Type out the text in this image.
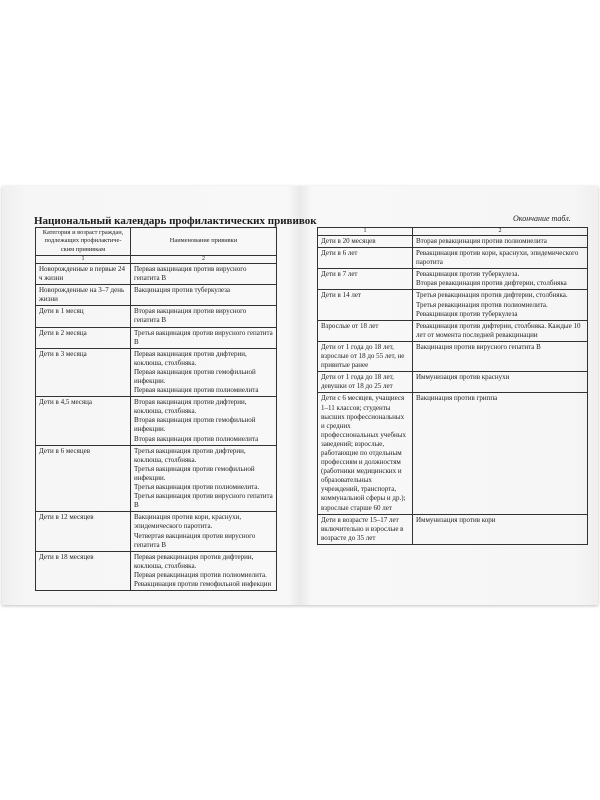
Национальный календарь профилактических прививок
Категория и возраст граждан, подлежащих профилактиче-ским прививкам	Наименование прививки
1	2
Новорожденные в первые 24 ч жизни	Первая вакцинация против вирусного гепатита В

Новорожденные на 3–7 день жизни	Вакцинация против туберкулеза

Дети в 1 месяц	Вторая вакцинация против вирусного гепатита В

Дети в 2 месяца	Третья вакцинация против вирусного гепатита В

Дети в 3 месяца	Первая вакцинация против дифтерии, коклюша, столбняка.
Первая вакцинация против гемофильной инфекции.
Первая вакцинация против полиомиелита

Дети в 4,5 месяца	Вторая вакцинация против дифтерии, коклюша, столбняка.
Вторая вакцинация против гемофильной инфекции.
Вторая вакцинация против полиомиелита

Дети в 6 месяцев	Третья вакцинация против дифтерии, коклюша, столбняка.
Третья вакцинация против гемофильной инфекции.
Третья вакцинация против полиомиелита.
Третья вакцинация против вирусного гепатита В

Дети в 12 месяцев	Вакцинация против кори, краснухи, эпидемического паротита.
Четвертая вакцинация против вирусного гепатита В

Дети в 18 месяцев	Первая ревакцинация против дифтерии, коклюша, столбняка.
Первая ревакцинация против полиомиелита.
Ревакцинация против гемофильной инфекции
Окончание табл.
1	2
Дети в 20 месяцев	Вторая ревакцинация против полиомиелита

Дети в 6 лет	Ревакцинация против кори, краснухи, эпидемического паротита

Дети в 7 лет	Ревакцинация против туберкулеза.
Вторая ревакцинация против дифтерии, столбняка

Дети в 14 лет	Третья ревакцинация против дифтерии, столбняка.
Третья ревакцинация против полиомиелита.
Ревакцинация против туберкулеза

Взрослые от 18 лет	Ревакцинация против дифтерии, столбняка. Каждые 10 лет от момента последней ревакцинации

Дети от 1 года до 18 лет, взрослые от 18 до 55 лет, не привитые ранее	Вакцинация против вирусного гепатита В

Дети от 1 года до 18 лет, девушки от 18 до 25 лет	Иммунизация против краснухи

Дети с 6 месяцев, учащиеся 1–11 классов; студенты высших профессиональных и средних профессиональных учебных заведений; взрослые, работающие по отдельным профессиям и должностям (работники медицинских и образовательных учреждений, транспорта, коммунальной сферы и др.); взрослые старше 60 лет	Вакцинация против гриппа

Дети в возрасте 15–17 лет включительно и взрослые в возрасте до 35 лет	Иммунизация против кори
